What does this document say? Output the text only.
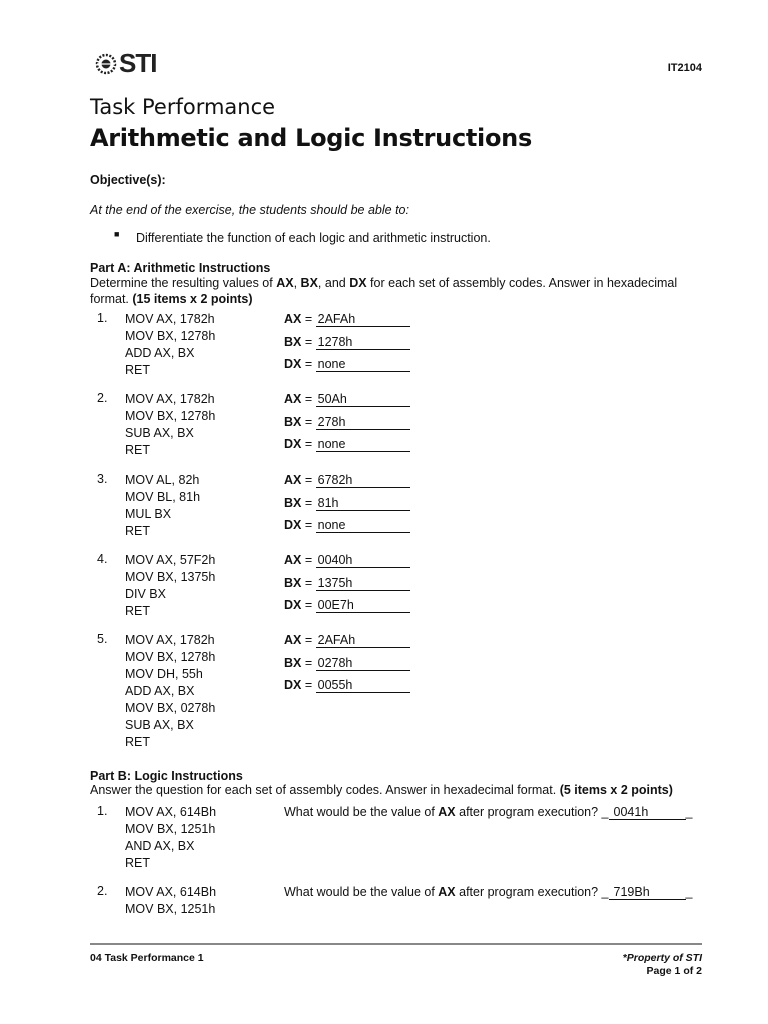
STI	IT2104
Task Performance
Arithmetic and Logic Instructions
Objective(s):
At the end of the exercise, the students should be able to:
■ Differentiate the function of each logic and arithmetic instruction.
Part A: Arithmetic Instructions
Determine the resulting values of AX, BX, and DX for each set of assembly codes. Answer in hexadecimal
format. (15 items x 2 points)
1. MOV AX, 1782h
MOV BX, 1278h
ADD AX, BX
RET
AX = 2AFAh
BX = 1278h
DX = none
2. MOV AX, 1782h
MOV BX, 1278h
SUB AX, BX
RET
AX = 50Ah
BX = 278h
DX = none
3. MOV AL, 82h
MOV BL, 81h
MUL BX
RET
AX = 6782h
BX = 81h
DX = none
4. MOV AX, 57F2h
MOV BX, 1375h
DIV BX
RET
AX = 0040h
BX = 1375h
DX = 00E7h
5. MOV AX, 1782h
MOV BX, 1278h
MOV DH, 55h
ADD AX, BX
MOV BX, 0278h
SUB AX, BX
RET
AX = 2AFAh
BX = 0278h
DX = 0055h
Part B: Logic Instructions
Answer the question for each set of assembly codes. Answer in hexadecimal format. (5 items x 2 points)
1. MOV AX, 614Bh
MOV BX, 1251h
AND AX, BX
RET
What would be the value of AX after program execution? _ 0041h	_
2. MOV AX, 614Bh
MOV BX, 1251h
What would be the value of AX after program execution? _ 719Bh	_
04 Task Performance 1	*Property of STI
Page 1 of 2
